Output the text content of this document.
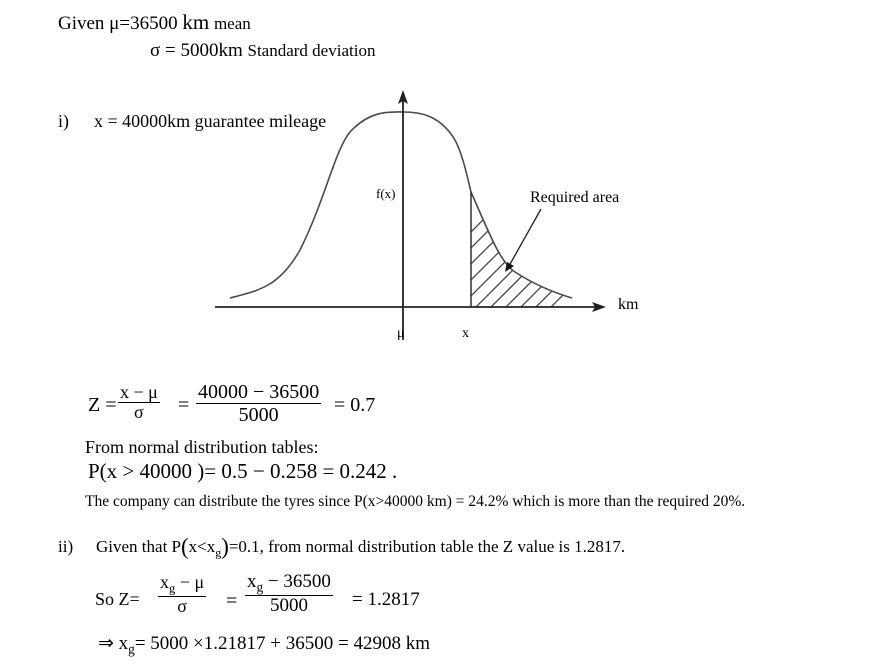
Given μ=36500 km mean
σ = 5000km Standard deviation
i) x = 40000km guarantee mileage
f(x)
km
μ	x
Required area
$Z = \frac{x - \mu}{\sigma} = \frac{40000 - 36500}{5000} = 0.7$
From normal distribution tables:
P(x > 40000 )= 0.5 − 0.258 = 0.242 .
The company can distribute the tyres since P(x>40000 km) = 24.2% which is more than the required 20%.
ii) Given that $P(x<x_g)=0.1$, from normal distribution table the Z value is 1.2817.
So $Z= \frac{x_g - \mu}{\sigma} = \frac{x_g - 36500}{5000} = 1.2817$
⇒ $x_g= 5000 \times 1.21817 + 36500 = 42908$ km
